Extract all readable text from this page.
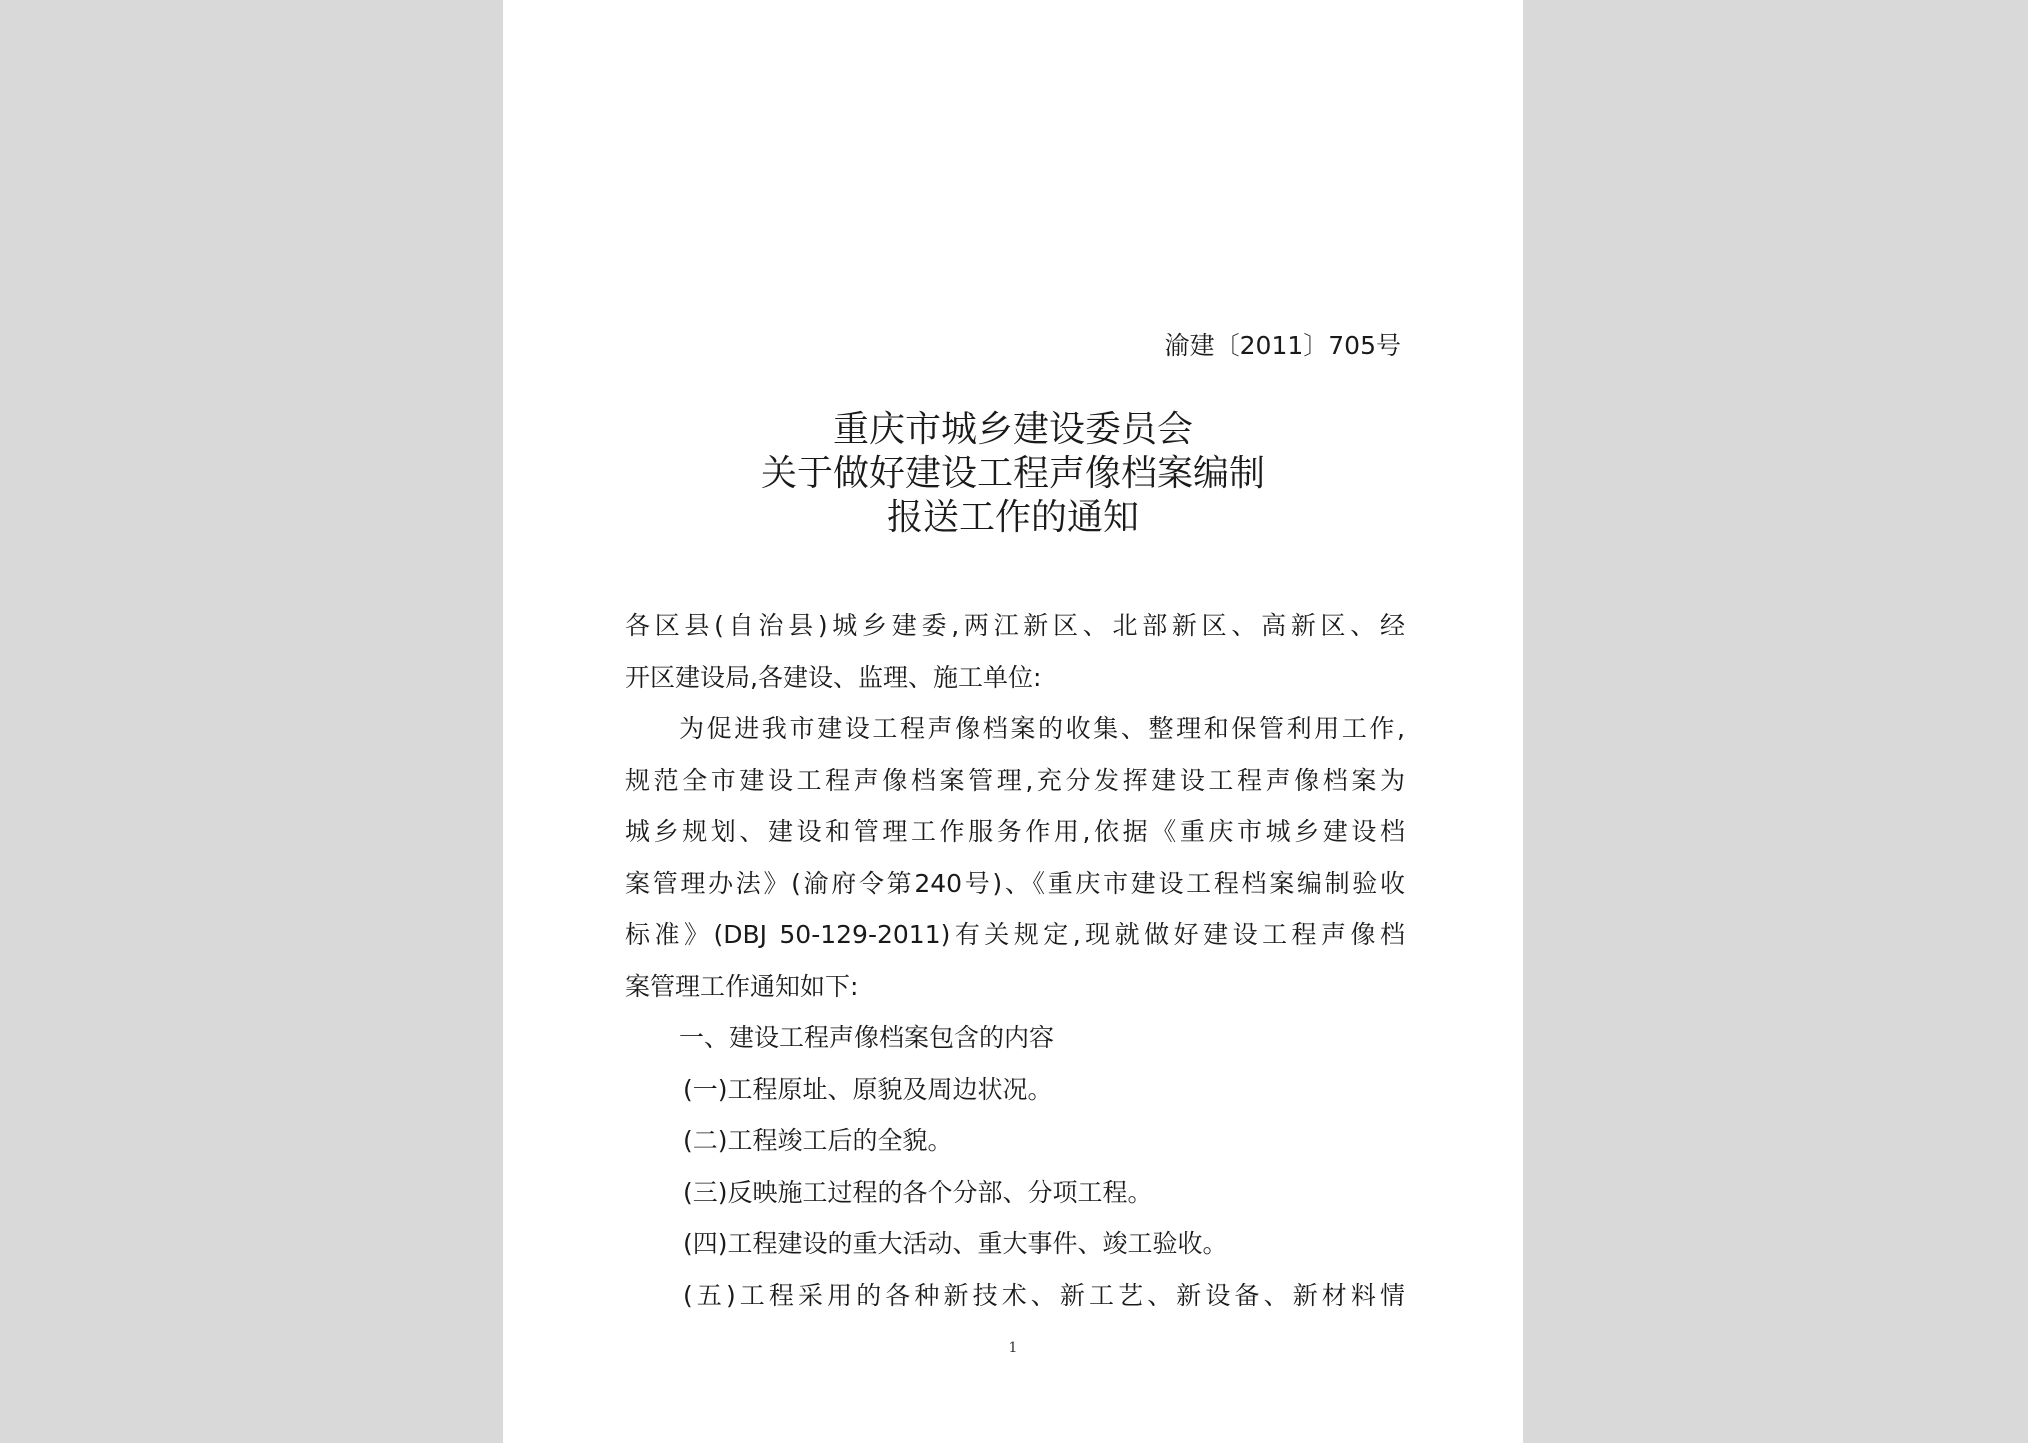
渝建〔2011〕705号
重庆市城乡建设委员会
关于做好建设工程声像档案编制
报送工作的通知
各区县(自治县)城乡建委,两江新区、北部新区、高新区、经
开区建设局,各建设、监理、施工单位:
为促进我市建设工程声像档案的收集、整理和保管利用工作,
规范全市建设工程声像档案管理,充分发挥建设工程声像档案为
城乡规划、建设和管理工作服务作用,依据《重庆市城乡建设档
案管理办法》(渝府令第240号)、《重庆市建设工程档案编制验收
标准》(DBJ 50-129-2011)有关规定,现就做好建设工程声像档
案管理工作通知如下:
一、建设工程声像档案包含的内容
(一)工程原址、原貌及周边状况。
(二)工程竣工后的全貌。
(三)反映施工过程的各个分部、分项工程。
(四)工程建设的重大活动、重大事件、竣工验收。
(五)工程采用的各种新技术、新工艺、新设备、新材料情
1
